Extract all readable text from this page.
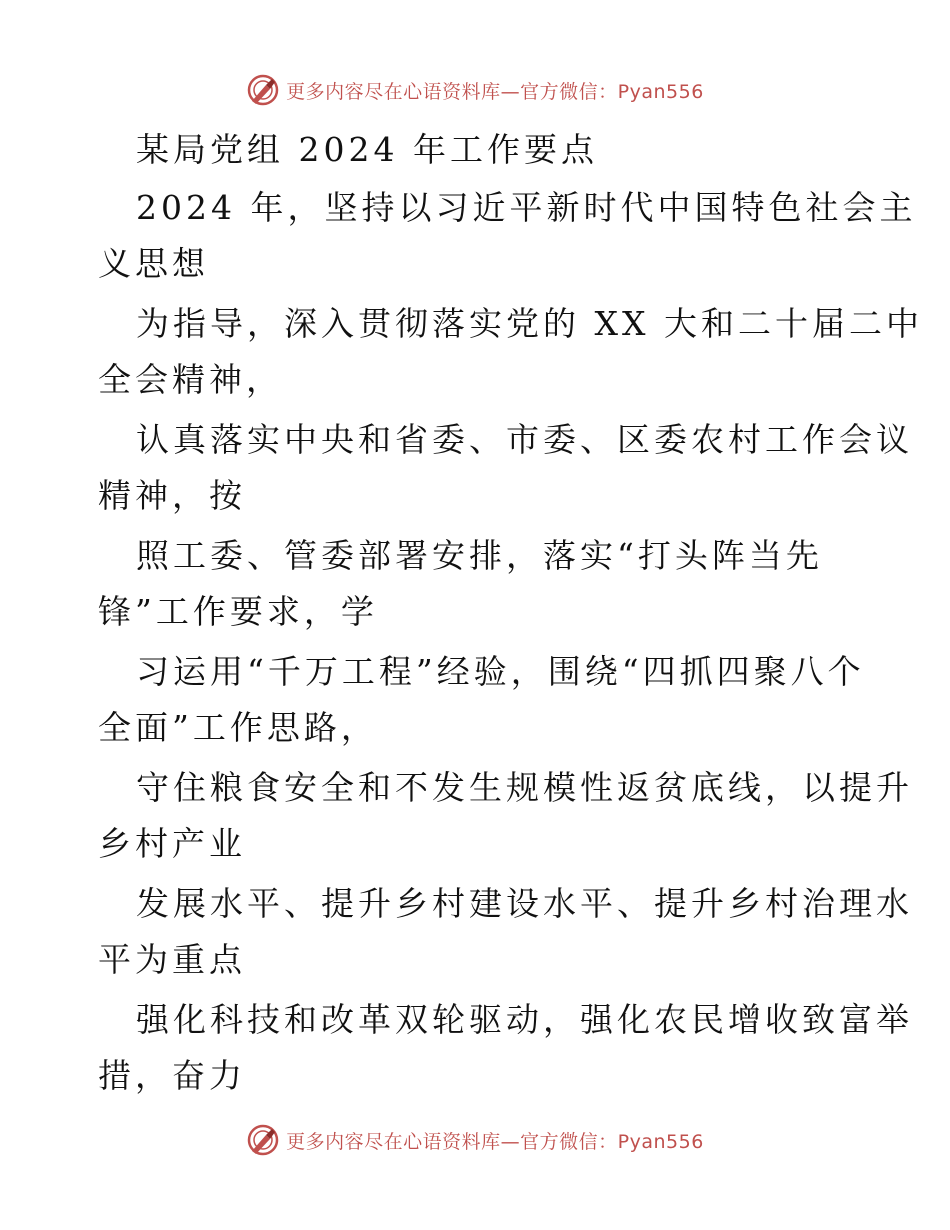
更多内容尽在心语资料库—官方微信：Pyan556
某局党组 2024 年工作要点
2024 年，坚持以习近平新时代中国特色社会主
义思想
为指导，深入贯彻落实党的 XX 大和二十届二中
全会精神，
认真落实中央和省委、市委、区委农村工作会议
精神，按
照工委、管委部署安排，落实“打头阵当先
锋”工作要求，学
习运用“千万工程”经验，围绕“四抓四聚八个
全面”工作思路，
守住粮食安全和不发生规模性返贫底线，以提升
乡村产业
发展水平、提升乡村建设水平、提升乡村治理水
平为重点
强化科技和改革双轮驱动，强化农民增收致富举
措，奋力
更多内容尽在心语资料库—官方微信：Pyan556
